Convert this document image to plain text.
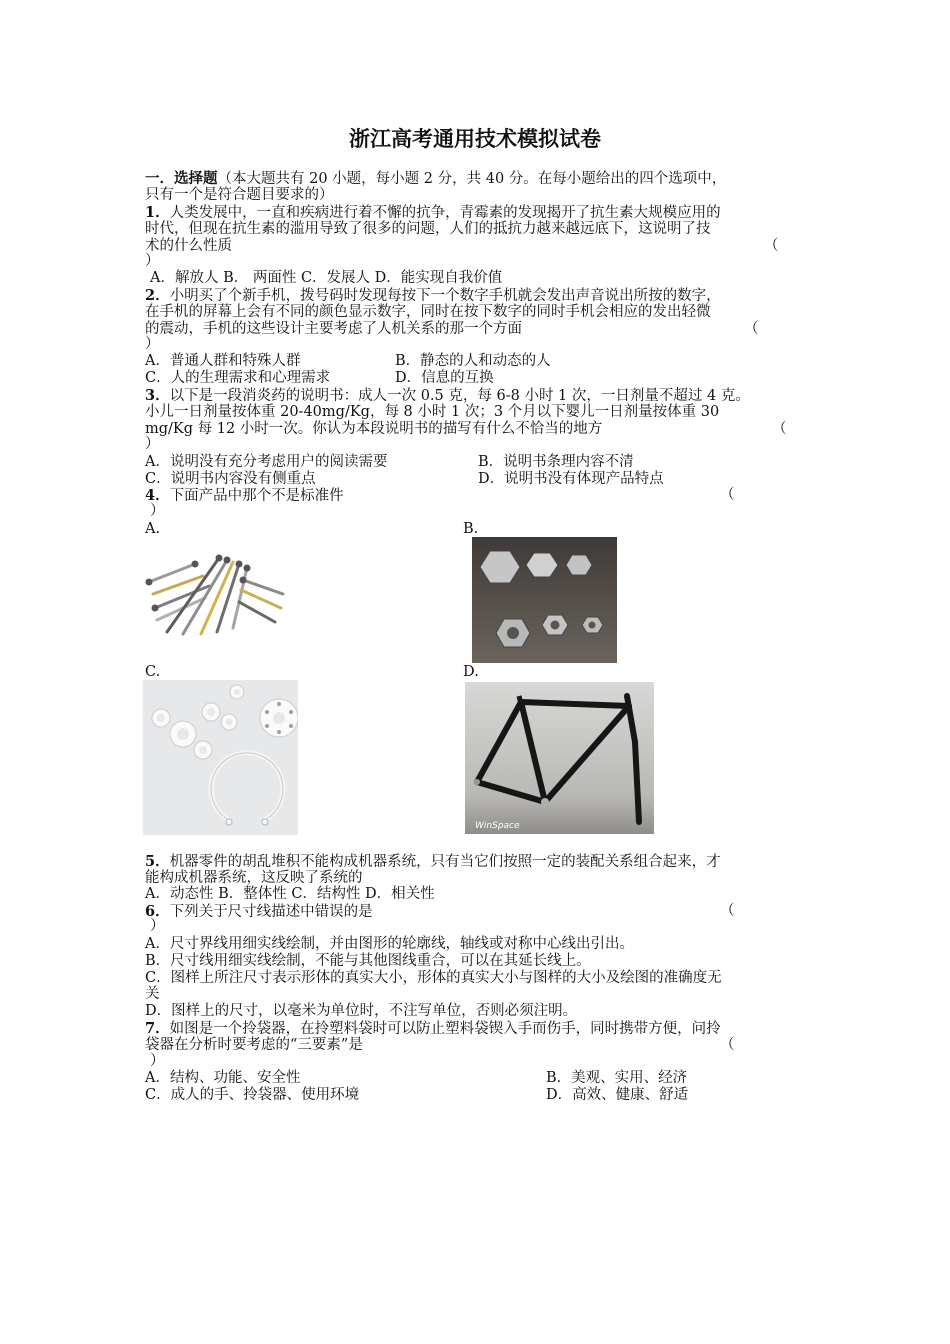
浙江高考通用技术模拟试卷
一．选择题（本大题共有 20 小题，每小题 2 分，共 40 分。在每小题给出的四个选项中，
只有一个是符合题目要求的）
1．人类发展中，一直和疾病进行着不懈的抗争，青霉素的发现揭开了抗生素大规模应用的
时代，但现在抗生素的滥用导致了很多的问题，人们的抵抗力越来越远底下，这说明了技
术的什么性质	（
）
A．解放人 B． 两面性 C．发展人 D．能实现自我价值
2．小明买了个新手机，拨号码时发现每按下一个数字手机就会发出声音说出所按的数字，
在手机的屏幕上会有不同的颜色显示数字，同时在按下数字的同时手机会相应的发出轻微
的震动，手机的这些设计主要考虑了人机关系的那一个方面	（
）
A．普通人群和特殊人群	B．静态的人和动态的人
C．人的生理需求和心理需求	D．信息的互换
3．以下是一段消炎药的说明书：成人一次 0.5 克，每 6-8 小时 1 次，一日剂量不超过 4 克。
小儿一日剂量按体重 20-40mg/Kg，每 8 小时 1 次；3 个月以下婴儿一日剂量按体重 30
mg/Kg 每 12 小时一次。你认为本段说明书的描写有什么不恰当的地方	（
）
A．说明没有充分考虑用户的阅读需要	B．说明书条理内容不清
C．说明书内容没有侧重点	D．说明书没有体现产品特点
4．下面产品中那个不是标准件	（
）
A.	B.
C.	D.
WinSpace
5．机器零件的胡乱堆积不能构成机器系统，只有当它们按照一定的装配关系组合起来，才
能构成机器系统，这反映了系统的
A．动态性 B．整体性 C．结构性 D．相关性
6．下列关于尺寸线描述中错误的是	（
）
A．尺寸界线用细实线绘制，并由图形的轮廓线，轴线或对称中心线出引出。
B．尺寸线用细实线绘制，不能与其他图线重合，可以在其延长线上。
C．图样上所注尺寸表示形体的真实大小，形体的真实大小与图样的大小及绘图的准确度无
关
D．图样上的尺寸，以毫米为单位时，不注写单位，否则必须注明。
7．如图是一个拎袋器，在拎塑料袋时可以防止塑料袋锲入手而伤手，同时携带方便，问拎
袋器在分析时要考虑的“三要素”是	（
）
A．结构、功能、安全性	B．美观、实用、经济
C．成人的手、拎袋器、使用环境	D．高效、健康、舒适
